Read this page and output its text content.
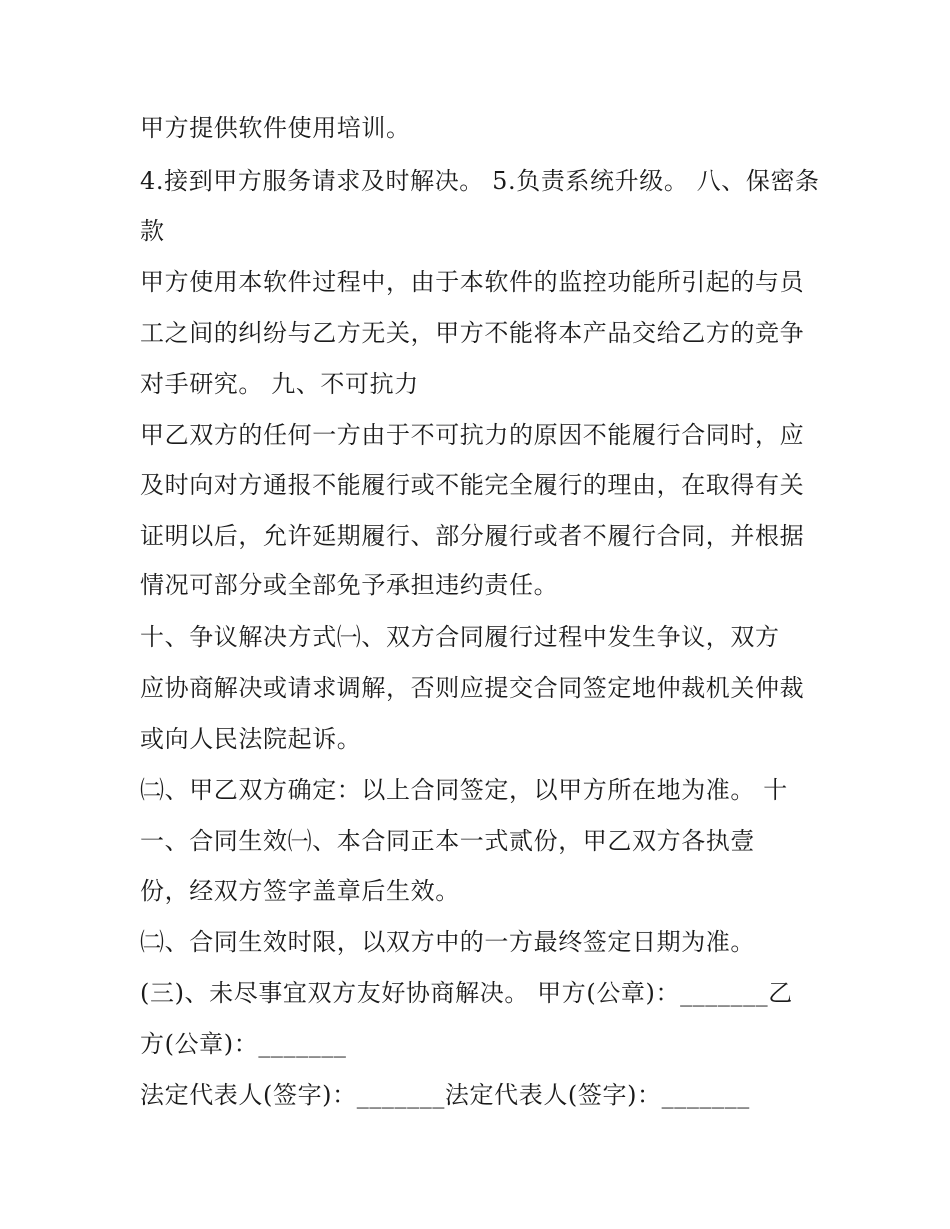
甲方提供软件使用培训。
4.接到甲方服务请求及时解决。 5.负责系统升级。 八、保密条
款
甲方使用本软件过程中，由于本软件的监控功能所引起的与员
工之间的纠纷与乙方无关，甲方不能将本产品交给乙方的竞争
对手研究。 九、不可抗力
甲乙双方的任何一方由于不可抗力的原因不能履行合同时，应
及时向对方通报不能履行或不能完全履行的理由，在取得有关
证明以后，允许延期履行、部分履行或者不履行合同，并根据
情况可部分或全部免予承担违约责任。
十、争议解决方式㈠、双方合同履行过程中发生争议，双方
应协商解决或请求调解，否则应提交合同签定地仲裁机关仲裁
或向人民法院起诉。
㈡、甲乙双方确定：以上合同签定，以甲方所在地为准。 十
一、合同生效㈠、本合同正本一式贰份，甲乙双方各执壹
份，经双方签字盖章后生效。
㈡、合同生效时限，以双方中的一方最终签定日期为准。
(三)、未尽事宜双方友好协商解决。 甲方(公章)：_______乙
方(公章)：_______
法定代表人(签字)：_______法定代表人(签字)：_______
